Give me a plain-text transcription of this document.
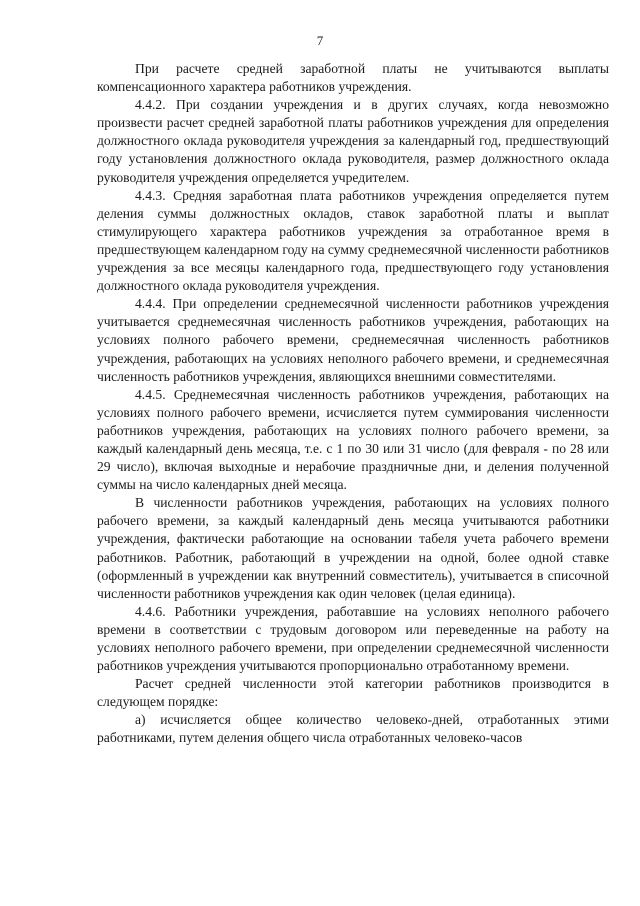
7

При расчете средней заработной платы не учитываются выплаты компенсационного характера работников учреждения.

4.4.2. При создании учреждения и в других случаях, когда невозможно произвести расчет средней заработной платы работников учреждения для определения должностного оклада руководителя учреждения за календарный год, предшествующий году установления должностного оклада руководителя, размер должностного оклада руководителя учреждения определяется учредителем.

4.4.3. Средняя заработная плата работников учреждения определяется путем деления суммы должностных окладов, ставок заработной платы и выплат стимулирующего характера работников учреждения за отработанное время в предшествующем календарном году на сумму среднемесячной численности работников учреждения за все месяцы календарного года, предшествующего году установления должностного оклада руководителя учреждения.

4.4.4. При определении среднемесячной численности работников учреждения учитывается среднемесячная численность работников учреждения, работающих на условиях полного рабочего времени, среднемесячная численность работников учреждения, работающих на условиях неполного рабочего времени, и среднемесячная численность работников учреждения, являющихся внешними совместителями.

4.4.5. Среднемесячная численность работников учреждения, работающих на условиях полного рабочего времени, исчисляется путем суммирования численности работников учреждения, работающих на условиях полного рабочего времени, за каждый календарный день месяца, т.е. с 1 по 30 или 31 число (для февраля - по 28 или 29 число), включая выходные и нерабочие праздничные дни, и деления полученной суммы на число календарных дней месяца.

В численности работников учреждения, работающих на условиях полного рабочего времени, за каждый календарный день месяца учитываются работники учреждения, фактически работающие на основании табеля учета рабочего времени работников. Работник, работающий в учреждении на одной, более одной ставке (оформленный в учреждении как внутренний совместитель), учитывается в списочной численности работников учреждения как один человек (целая единица).

4.4.6. Работники учреждения, работавшие на условиях неполного рабочего времени в соответствии с трудовым договором или переведенные на работу на условиях неполного рабочего времени, при определении среднемесячной численности работников учреждения учитываются пропорционально отработанному времени.

Расчет средней численности этой категории работников производится в следующем порядке:

а) исчисляется общее количество человеко-дней, отработанных этими работниками, путем деления общего числа отработанных человеко-часов
